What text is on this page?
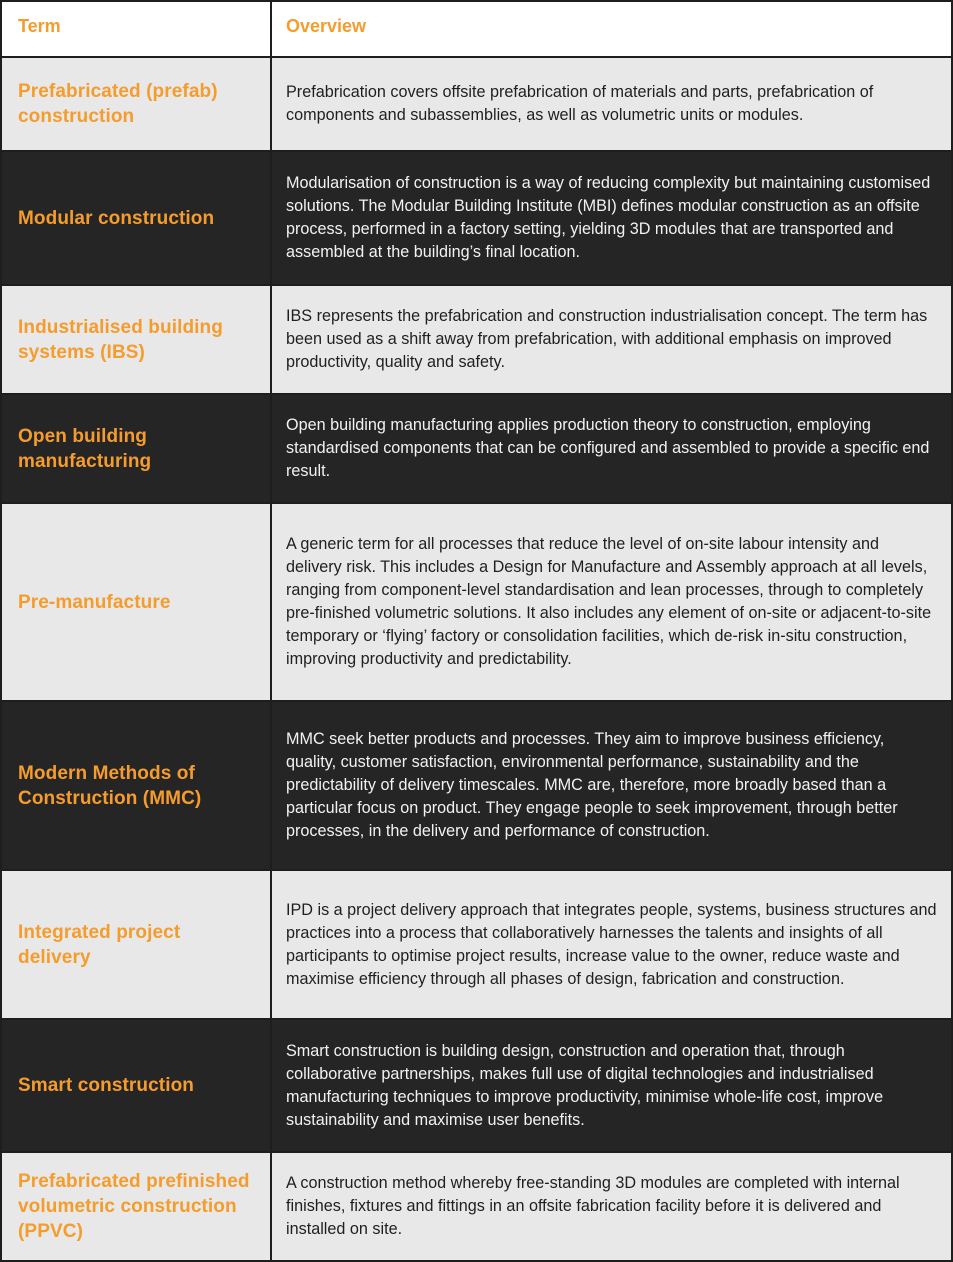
Term	Overview
Prefabricated (prefab) construction
Prefabrication covers offsite prefabrication of materials and parts, prefabrication of components and subassemblies, as well as volumetric units or modules.
Modular construction
Modularisation of construction is a way of reducing complexity but maintaining customised solutions. The Modular Building Institute (MBI) defines modular construction as an offsite process, performed in a factory setting, yielding 3D modules that are transported and assembled at the building’s final location.
Industrialised building systems (IBS)
IBS represents the prefabrication and construction industrialisation concept. The term has been used as a shift away from prefabrication, with additional emphasis on improved productivity, quality and safety.
Open building manufacturing
Open building manufacturing applies production theory to construction, employing standardised components that can be configured and assembled to provide a specific end result.
Pre-manufacture
A generic term for all processes that reduce the level of on-site labour intensity and delivery risk. This includes a Design for Manufacture and Assembly approach at all levels, ranging from component-level standardisation and lean processes, through to completely pre-finished volumetric solutions. It also includes any element of on-site or adjacent-to-site temporary or ‘flying’ factory or consolidation facilities, which de-risk in-situ construction, improving productivity and predictability.
Modern Methods of Construction (MMC)
MMC seek better products and processes. They aim to improve business efficiency, quality, customer satisfaction, environmental performance, sustainability and the predictability of delivery timescales. MMC are, therefore, more broadly based than a particular focus on product. They engage people to seek improvement, through better processes, in the delivery and performance of construction.
Integrated project delivery
IPD is a project delivery approach that integrates people, systems, business structures and practices into a process that collaboratively harnesses the talents and insights of all participants to optimise project results, increase value to the owner, reduce waste and maximise efficiency through all phases of design, fabrication and construction.
Smart construction
Smart construction is building design, construction and operation that, through collaborative partnerships, makes full use of digital technologies and industrialised manufacturing techniques to improve productivity, minimise whole-life cost, improve sustainability and maximise user benefits.
Prefabricated prefinished volumetric construction (PPVC)
A construction method whereby free-standing 3D modules are completed with internal finishes, fixtures and fittings in an offsite fabrication facility before it is delivered and installed on site.
